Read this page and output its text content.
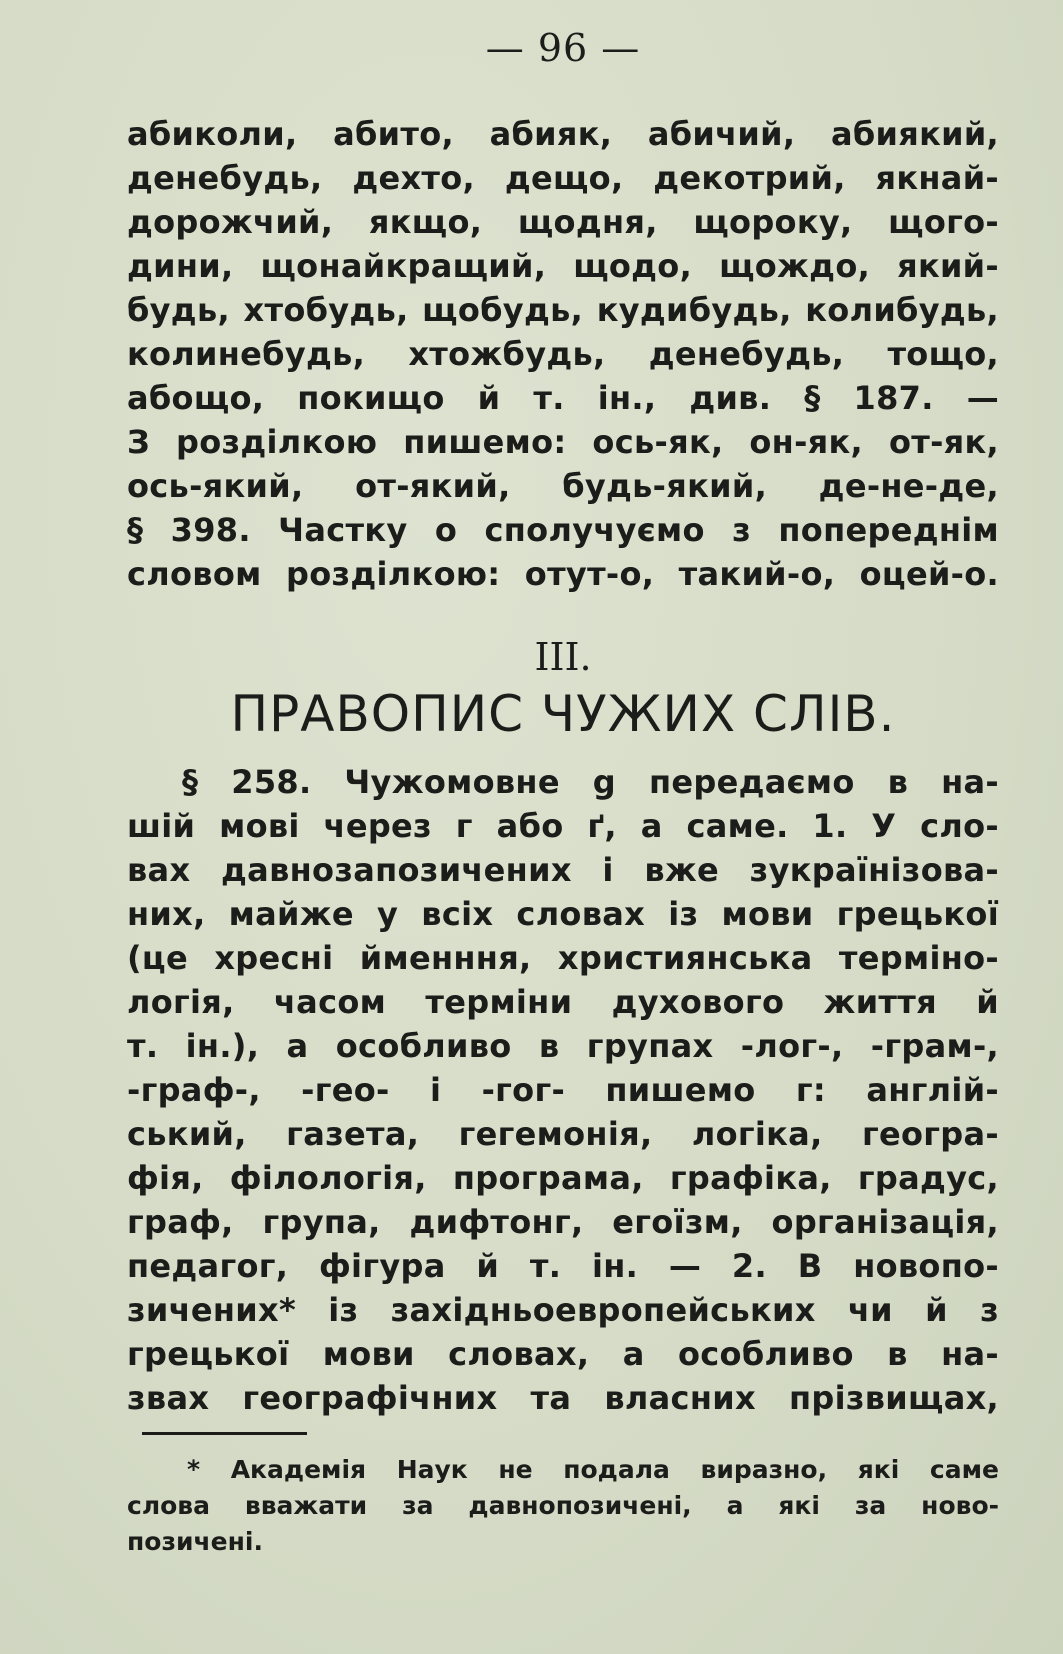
— 96 —
абиколи, абито, абияк, абичий, абиякий,
денебудь, дехто, дещо, декотрий, якнай-
дорожчий, якщо, щодня, щороку, щого-
дини, щонайкращий, щодо, щождо, який-
будь, хтобудь, щобудь, кудибудь, колибудь,
колинебудь, хтожбудь, денебудь, тощо,
абощо, покищо й т. ін., див. § 187. —
З розділкою пишемо: ось-як, он-як, от-як,
ось-який, от-який, будь-який, де-не-де,
§ 398. Частку о сполучуємо з попереднім
словом розділкою: отут-о, такий-о, оцей-о.
III.
ПРАВОПИС ЧУЖИХ СЛІВ.
§ 258. Чужомовне g передаємо в на-
шій мові через г або ґ, а саме. 1. У сло-
вах давнозапозичених і вже зукраїнізова-
них, майже у всіх словах із мови грецької
(це хресні йменння, християнська терміно-
логія, часом терміни духового життя й
т. ін.), а особливо в групах -лог-, -грам-,
-граф-, -гео- і -гог- пишемо г: англій-
ський, газета, гегемонія, логіка, геогра-
фія, філологія, програма, графіка, градус,
граф, група, дифтонг, егоїзм, організація,
педагог, фігура й т. ін. — 2. В новопо-
зичених* із західньоевропейських чи й з
грецької мови словах, а особливо в на-
звах географічних та власних прізвищах,
* Академія Наук не подала виразно, які саме
слова вважати за давнопозичені, а які за ново-
позичені.
